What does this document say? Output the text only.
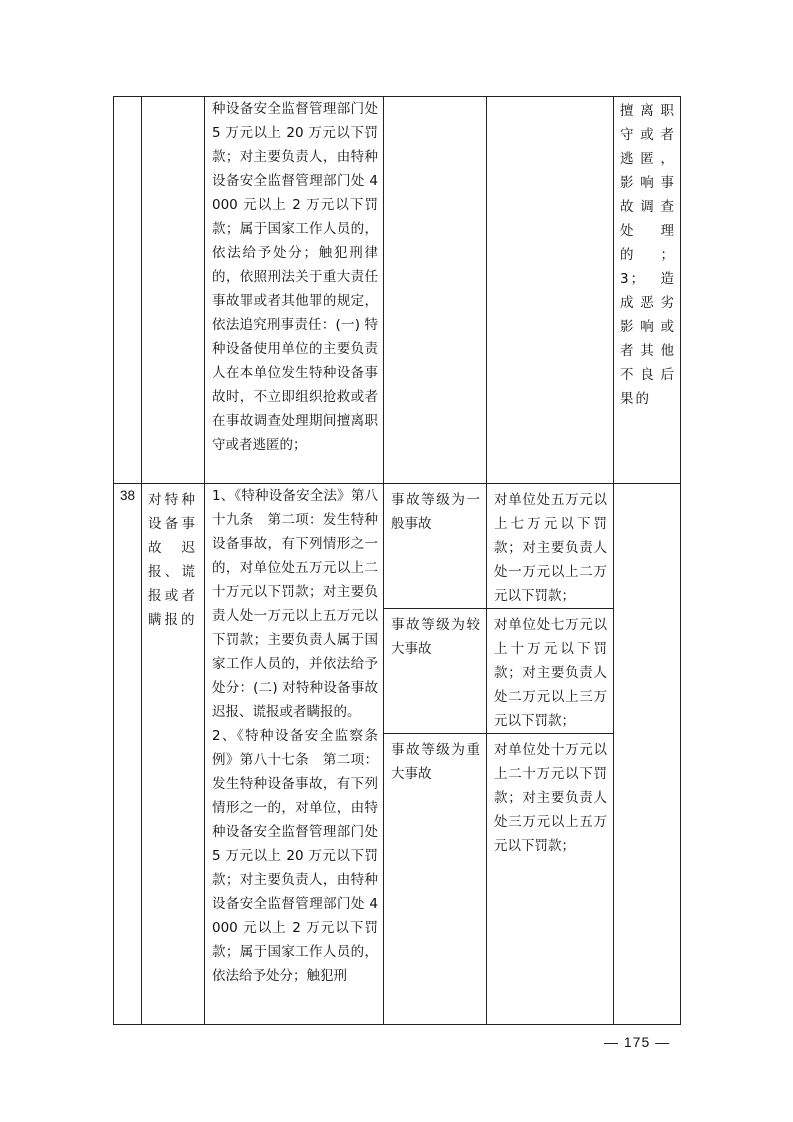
		种设备安全监督管理部门处 5 万元以上 20 万元以下罚款；对主要负责人，由特种设备安全监督管理部门处 4000 元以上 2 万元以下罚款；属于国家工作人员的，依法给予处分；触犯刑律的，依照刑法关于重大责任事故罪或者其他罪的规定，依法追究刑事责任：(一) 特种设备使用单位的主要负责人在本单位发生特种设备事故时，不立即组织抢救或者在事故调查处理期间擅离职守或者逃匿的；			擅离职守或者逃匿，影响事故调查处理的；3；造成恶劣影响或者其他不良后果的

38	对特种设备事故迟报、谎报或者瞒报的	1、《特种设备安全法》第八十九条　第二项：发生特种设备事故，有下列情形之一的，对单位处五万元以上二十万元以下罚款；对主要负责人处一万元以上五万元以下罚款；主要负责人属于国家工作人员的，并依法给予处分：(二) 对特种设备事故迟报、谎报或者瞒报的。
2、《特种设备安全监察条例》第八十七条　第二项：发生特种设备事故，有下列情形之一的，对单位，由特种设备安全监督管理部门处 5 万元以上 20 万元以下罚款；对主要负责人，由特种设备安全监督管理部门处 4000 元以上 2 万元以下罚款；属于国家工作人员的，依法给予处分；触犯刑	事故等级为一般事故	对单位处五万元以上七万元以下罚款；对主要负责人处一万元以上二万元以下罚款；	

			事故等级为较大事故	对单位处七万元以上十万元以下罚款；对主要负责人处二万元以上三万元以下罚款；	

			事故等级为重大事故	对单位处十万元以上二十万元以下罚款；对主要负责人处三万元以上五万元以下罚款；	
— 175 —
